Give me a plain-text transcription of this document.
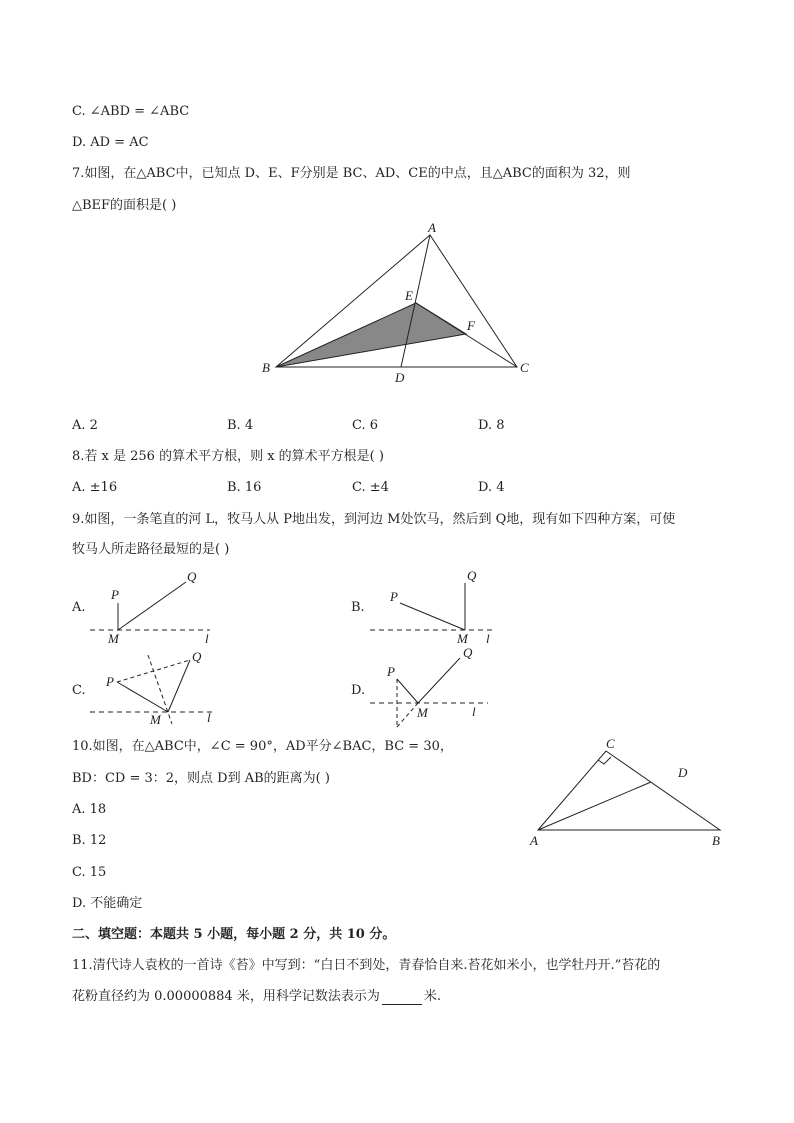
C. ∠ABD = ∠ABC
D. AD = AC
7.如图，在△ABC中，已知点 D、E、F分别是 BC、AD、CE的中点，且△ABC的面积为 32，则
△BEF的面积是( )
A
B	C
D
E
F
P
Q
M	l
P
Q
M l
P
Q
M	l
P
Q
M	l
C
D
A	B
A. 2	B. 4	C. 6	D. 8
8.若 x 是 256 的算术平方根，则 x 的算术平方根是( )
A. ±16	B. 16	C. ±4	D. 4
9.如图，一条笔直的河 L，牧马人从 P地出发，到河边 M处饮马，然后到 Q地，现有如下四种方案，可使
牧马人所走路径最短的是( )
A.	B.
C.	D.
10.如图，在△ABC中，∠C = 90°，AD平分∠BAC，BC = 30，
BD：CD = 3：2，则点 D到 AB的距离为( )
A. 18
B. 12
C. 15
D. 不能确定
二、填空题：本题共 5 小题，每小题 2 分，共 10 分。
11.清代诗人袁枚的一首诗《苔》中写到：“白日不到处，青春恰自来.苔花如米小，也学牡丹开.”苔花的
花粉直径约为 0.00000884 米，用科学记数法表示为	米.
